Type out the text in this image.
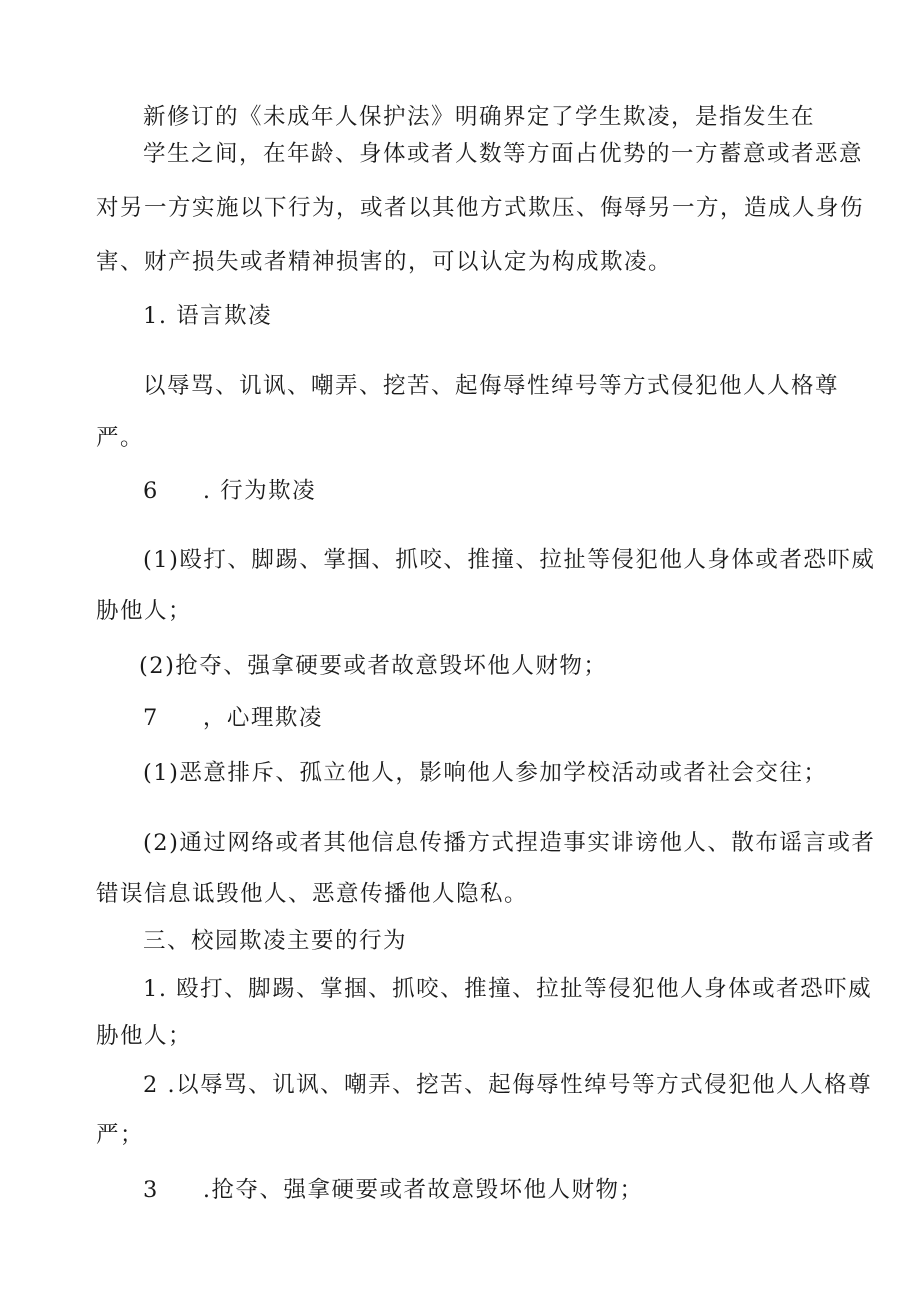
新修订的《未成年人保护法》明确界定了学生欺凌，是指发生在
学生之间，在年龄、身体或者人数等方面占优势的一方蓄意或者恶意
对另一方实施以下行为，或者以其他方式欺压、侮辱另一方，造成人身伤
害、财产损失或者精神损害的，可以认定为构成欺凌。
1. 语言欺凌
以辱骂、讥讽、嘲弄、挖苦、起侮辱性绰号等方式侵犯他人人格尊
严。
6 . 行为欺凌
(1)殴打、脚踢、掌掴、抓咬、推撞、拉扯等侵犯他人身体或者恐吓威
胁他人；
(2)抢夺、强拿硬要或者故意毁坏他人财物；
7 ，心理欺凌
(1)恶意排斥、孤立他人，影响他人参加学校活动或者社会交往；
(2)通过网络或者其他信息传播方式捏造事实诽谤他人、散布谣言或者
错误信息诋毁他人、恶意传播他人隐私。
三、校园欺凌主要的行为
1. 殴打、脚踢、掌掴、抓咬、推撞、拉扯等侵犯他人身体或者恐吓威
胁他人；
2 .以辱骂、讥讽、嘲弄、挖苦、起侮辱性绰号等方式侵犯他人人格尊
严；
3 .抢夺、强拿硬要或者故意毁坏他人财物；
